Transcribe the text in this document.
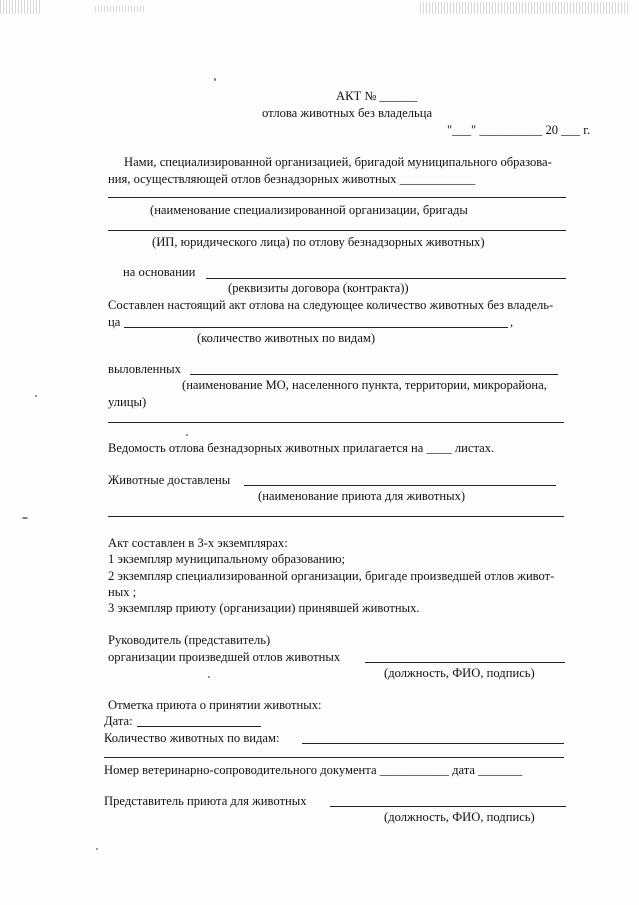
АКТ № ______
отлова животных без владельца
"___" __________ 20 ___ г.
Нами, специализированной организацией, бригадой муниципального образова-
ния, осуществляющей отлов безнадзорных животных ____________
(наименование специализированной организации, бригады
(ИП, юридического лица) по отлову безнадзорных животных)
на основании
(реквизиты договора (контракта))
Составлен настоящий акт отлова на следующее количество животных без владель-
ца	,
(количество животных по видам)
выловленных
(наименование МО, населенного пункта, территории, микрорайона,
улицы)
Ведомость отлова безнадзорных животных прилагается на ____ листах.
Животные доставлены
(наименование приюта для животных)
Акт составлен в 3-х экземплярах:
1 экземпляр муниципальному образованию;
2 экземпляр специализированной организации, бригаде произведшей отлов живот-
ных ;
3 экземпляр приюту (организации) принявшей животных.
Руководитель (представитель)
организации произведшей отлов животных
(должность, ФИО, подпись)
Отметка приюта о принятии животных:
Дата:
Количество животных по видам:
Номер ветеринарно-сопроводительного документа ___________ дата _______
Представитель приюта для животных
(должность, ФИО, подпись)
